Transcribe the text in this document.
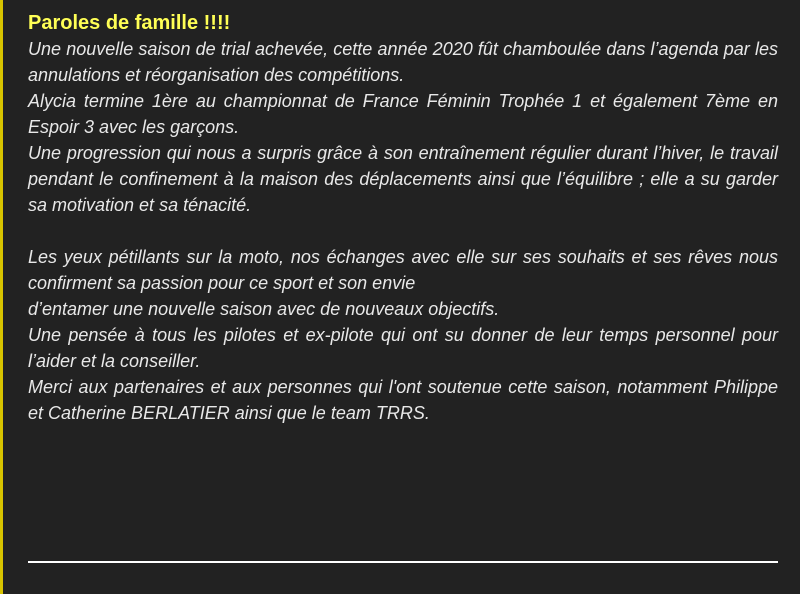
Paroles de famille !!!!

Une nouvelle saison de trial achevée, cette année 2020 fût chamboulée dans l’agenda par les annulations et réorganisation des compétitions.

Alycia termine 1ère au championnat de France Féminin Trophée 1 et également 7ème en Espoir 3 avec les garçons.

Une progression qui nous a surpris grâce à son entraînement régulier durant l’hiver, le travail pendant le confinement à la maison des déplacements ainsi que l’équilibre ; elle a su garder sa motivation et sa ténacité.

Les yeux pétillants sur la moto, nos échanges avec elle sur ses souhaits et ses rêves nous confirment sa passion pour ce sport et son envie

d’entamer une nouvelle saison avec de nouveaux objectifs.

Une pensée à tous les pilotes et ex-pilote qui ont su donner de leur temps personnel pour l’aider et la conseiller.

Merci aux partenaires et aux personnes qui l'ont soutenue cette saison, notamment Philippe et Catherine BERLATIER ainsi que le team TRRS.
